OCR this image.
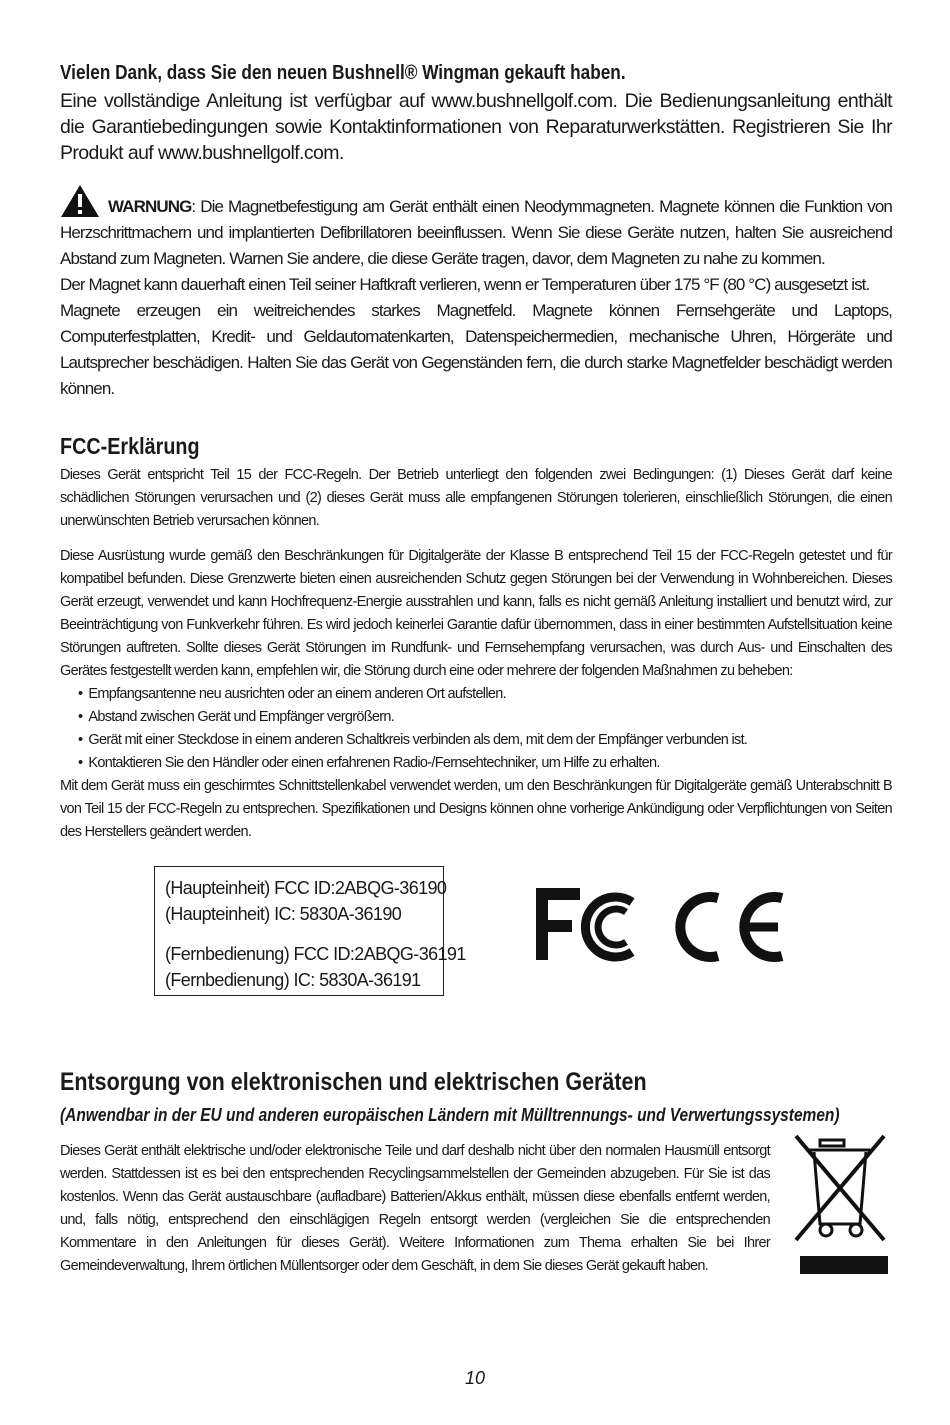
Vielen Dank, dass Sie den neuen Bushnell® Wingman gekauft haben.

Eine vollständige Anleitung ist verfügbar auf www.bushnellgolf.com. Die Bedienungsanleitung enthält die Garantiebedingungen sowie Kontaktinformationen von Reparaturwerkstätten. Registrieren Sie Ihr Produkt auf www.bushnellgolf.com.

WARNUNG: Die Magnetbefestigung am Gerät enthält einen Neodymmagneten. Magnete können die Funktion von Herzschrittmachern und implantierten Defibrillatoren beeinflussen. Wenn Sie diese Geräte nutzen, halten Sie ausreichend Abstand zum Magneten. Warnen Sie andere, die diese Geräte tragen, davor, dem Magneten zu nahe zu kommen.

Der Magnet kann dauerhaft einen Teil seiner Haftkraft verlieren, wenn er Temperaturen über 175 °F (80 °C) ausgesetzt ist.

Magnete erzeugen ein weitreichendes starkes Magnetfeld. Magnete können Fernsehgeräte und Laptops, Computerfestplatten, Kredit- und Geldautomatenkarten, Datenspeichermedien, mechanische Uhren, Hörgeräte und Lautsprecher beschädigen. Halten Sie das Gerät von Gegenständen fern, die durch starke Magnetfelder beschädigt werden können.

FCC-Erklärung

Dieses Gerät entspricht Teil 15 der FCC-Regeln. Der Betrieb unterliegt den folgenden zwei Bedingungen: (1) Dieses Gerät darf keine schädlichen Störungen verursachen und (2) dieses Gerät muss alle empfangenen Störungen tolerieren, einschließlich Störungen, die einen unerwünschten Betrieb verursachen können.

Diese Ausrüstung wurde gemäß den Beschränkungen für Digitalgeräte der Klasse B entsprechend Teil 15 der FCC-Regeln getestet und für kompatibel befunden. Diese Grenzwerte bieten einen ausreichenden Schutz gegen Störungen bei der Verwendung in Wohnbereichen. Dieses Gerät erzeugt, verwendet und kann Hochfrequenz-Energie ausstrahlen und kann, falls es nicht gemäß Anleitung installiert und benutzt wird, zur Beeinträchtigung von Funkverkehr führen. Es wird jedoch keinerlei Garantie dafür übernommen, dass in einer bestimmten Aufstellsituation keine Störungen auftreten. Sollte dieses Gerät Störungen im Rundfunk- und Fernsehempfang verursachen, was durch Aus- und Einschalten des Gerätes festgestellt werden kann, empfehlen wir, die Störung durch eine oder mehrere der folgenden Maßnahmen zu beheben:

• Empfangsantenne neu ausrichten oder an einem anderen Ort aufstellen.
• Abstand zwischen Gerät und Empfänger vergrößern.
• Gerät mit einer Steckdose in einem anderen Schaltkreis verbinden als dem, mit dem der Empfänger verbunden ist.
• Kontaktieren Sie den Händler oder einen erfahrenen Radio-/Fernsehtechniker, um Hilfe zu erhalten.

Mit dem Gerät muss ein geschirmtes Schnittstellenkabel verwendet werden, um den Beschränkungen für Digitalgeräte gemäß Unterabschnitt B von Teil 15 der FCC-Regeln zu entsprechen. Spezifikationen und Designs können ohne vorherige Ankündigung oder Verpflichtungen von Seiten des Herstellers geändert werden.

(Haupteinheit) FCC ID:2ABQG-36190
(Haupteinheit) IC: 5830A-36190
(Fernbedienung) FCC ID:2ABQG-36191
(Fernbedienung) IC: 5830A-36191
Entsorgung von elektronischen und elektrischen Geräten
(Anwendbar in der EU und anderen europäischen Ländern mit Mülltrennungs- und Verwertungssystemen)

Dieses Gerät enthält elektrische und/oder elektronische Teile und darf deshalb nicht über den normalen Hausmüll entsorgt werden. Stattdessen ist es bei den entsprechenden Recyclingsammelstellen der Gemeinden abzugeben. Für Sie ist das kostenlos. Wenn das Gerät austauschbare (aufladbare) Batterien/Akkus enthält, müssen diese ebenfalls entfernt werden, und, falls nötig, entsprechend den einschlägigen Regeln entsorgt werden (vergleichen Sie die entsprechenden Kommentare in den Anleitungen für dieses Gerät). Weitere Informationen zum Thema erhalten Sie bei Ihrer Gemeindeverwaltung, Ihrem örtlichen Müllentsorger oder dem Geschäft, in dem Sie dieses Gerät gekauft haben.

10
